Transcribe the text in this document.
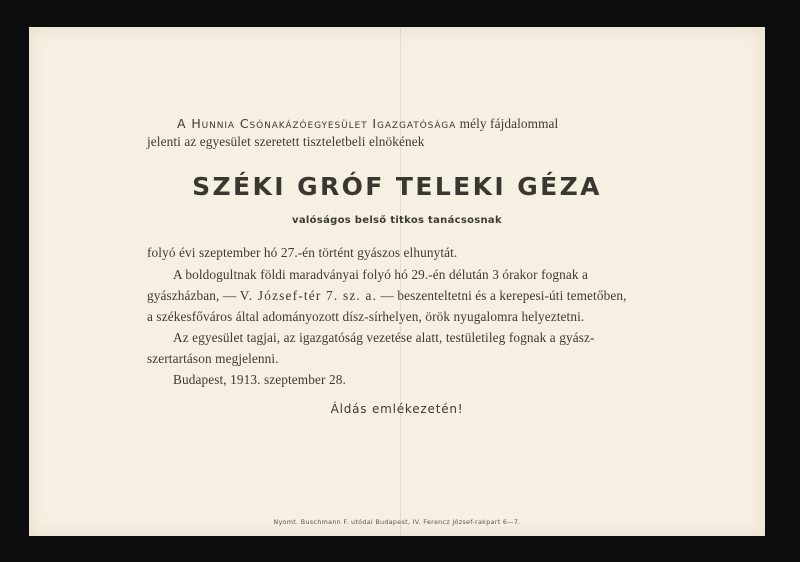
A Hunnia Csónakázóegyesület Igazgatósága mély fájdalommal
jelenti az egyesület szeretett tiszteletbeli elnökének
SZÉKI GRÓF TELEKI GÉZA
valóságos belső titkos tanácsosnak
folyó évi szeptember hó 27.-én történt gyászos elhunytát.
A boldogultnak földi maradványai folyó hó 29.-én délután 3 órakor fognak a
gyászházban, — V. József-tér 7. sz. a. — beszenteltetni és a kerepesi-úti temetőben,
a székesfőváros által adományozott dísz-sírhelyen, örök nyugalomra helyeztetni.
Az egyesület tagjai, az igazgatóság vezetése alatt, testületileg fognak a gyász-
szertartáson megjelenni.
Budapest, 1913. szeptember 28.
Áldás emlékezetén!
Nyomt. Buschmann F. utódai Budapest, IV. Ferencz József-rakpart 6—7.
